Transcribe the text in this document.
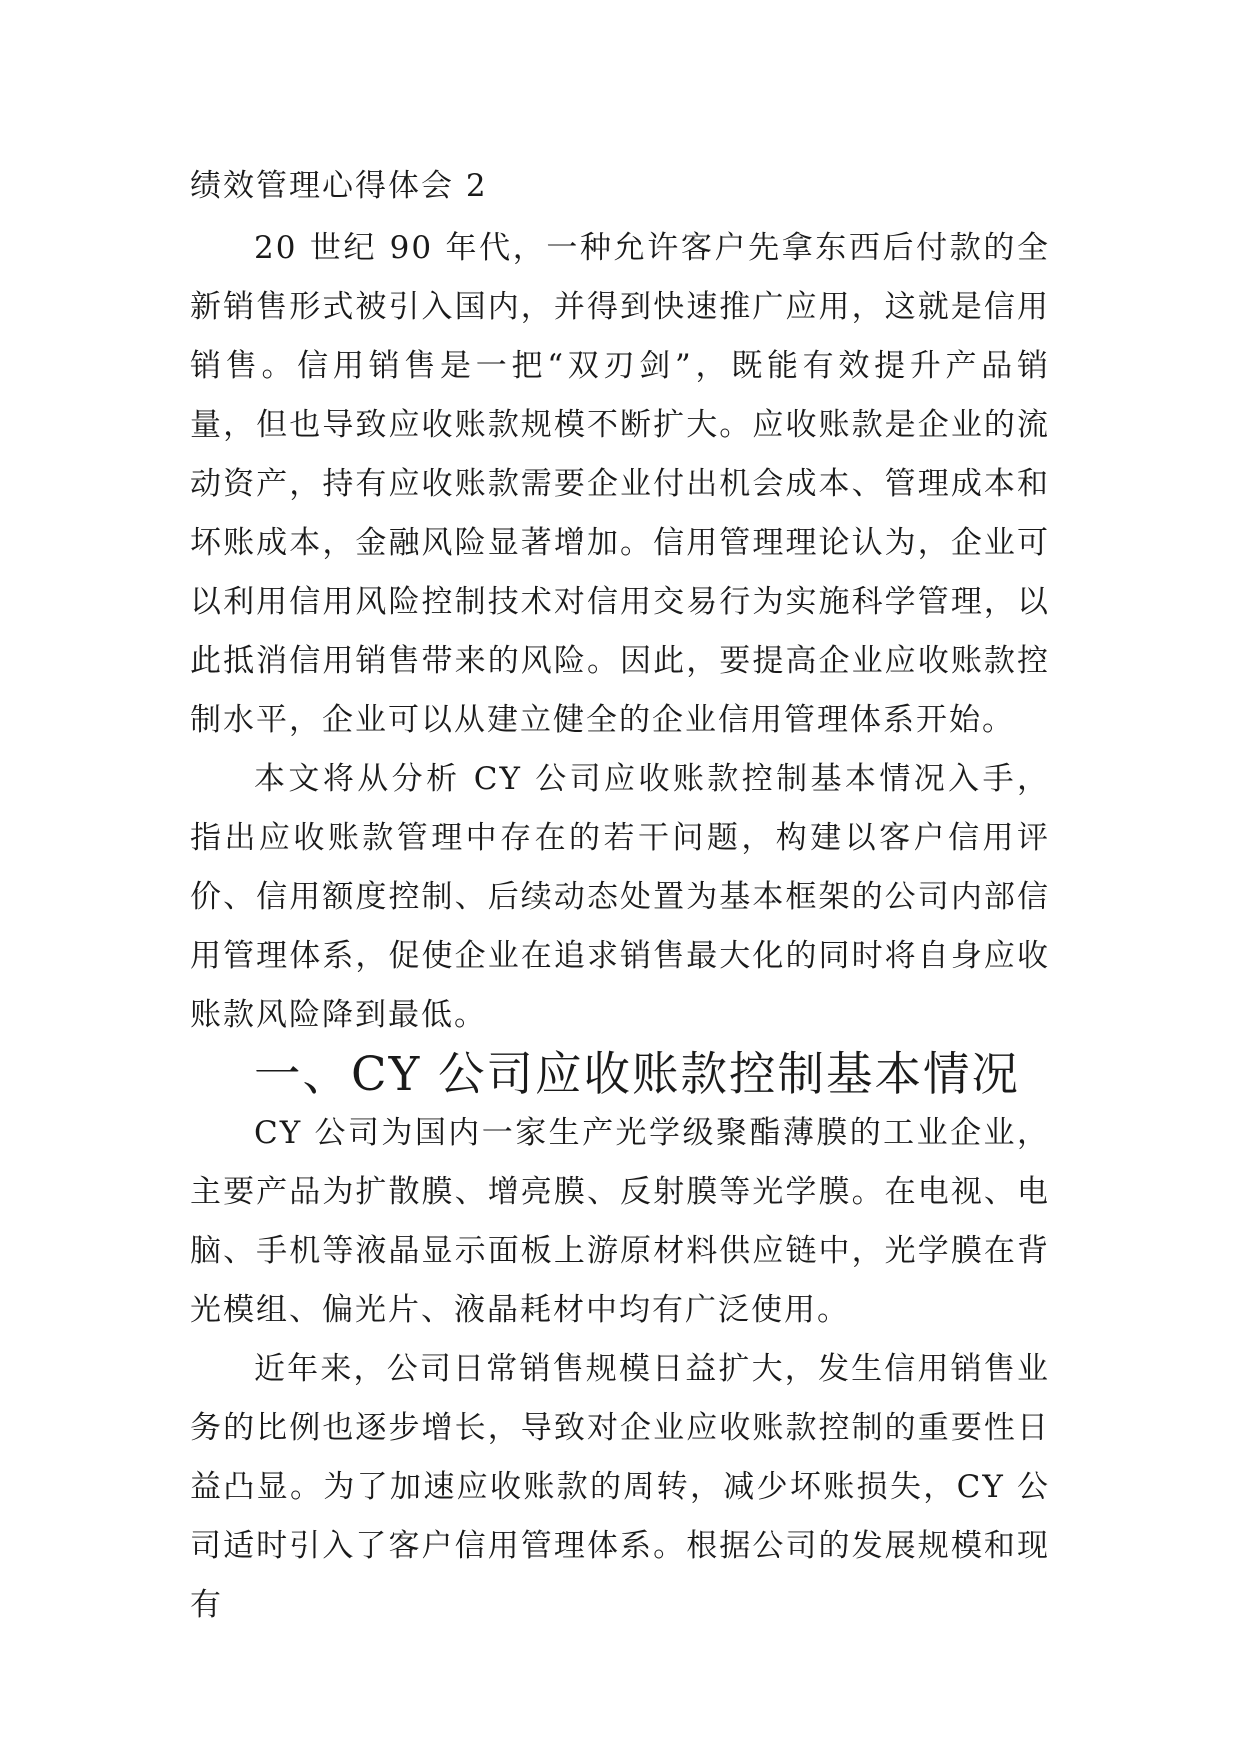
绩效管理心得体会 2

20 世纪 90 年代，一种允许客户先拿东西后付款的全新销售形式被引入国内，并得到快速推广应用，这就是信用销售。信用销售是一把“双刃剑”，既能有效提升产品销量，但也导致应收账款规模不断扩大。应收账款是企业的流动资产，持有应收账款需要企业付出机会成本、管理成本和坏账成本，金融风险显著增加。信用管理理论认为，企业可以利用信用风险控制技术对信用交易行为实施科学管理，以此抵消信用销售带来的风险。因此，要提高企业应收账款控制水平，企业可以从建立健全的企业信用管理体系开始。

本文将从分析 CY 公司应收账款控制基本情况入手，指出应收账款管理中存在的若干问题，构建以客户信用评价、信用额度控制、后续动态处置为基本框架的公司内部信用管理体系，促使企业在追求销售最大化的同时将自身应收账款风险降到最低。

一、CY 公司应收账款控制基本情况

CY 公司为国内一家生产光学级聚酯薄膜的工业企业，主要产品为扩散膜、增亮膜、反射膜等光学膜。在电视、电脑、手机等液晶显示面板上游原材料供应链中，光学膜在背光模组、偏光片、液晶耗材中均有广泛使用。

近年来，公司日常销售规模日益扩大，发生信用销售业务的比例也逐步增长，导致对企业应收账款控制的重要性日益凸显。为了加速应收账款的周转，减少坏账损失，CY 公司适时引入了客户信用管理体系。根据公司的发展规模和现有
